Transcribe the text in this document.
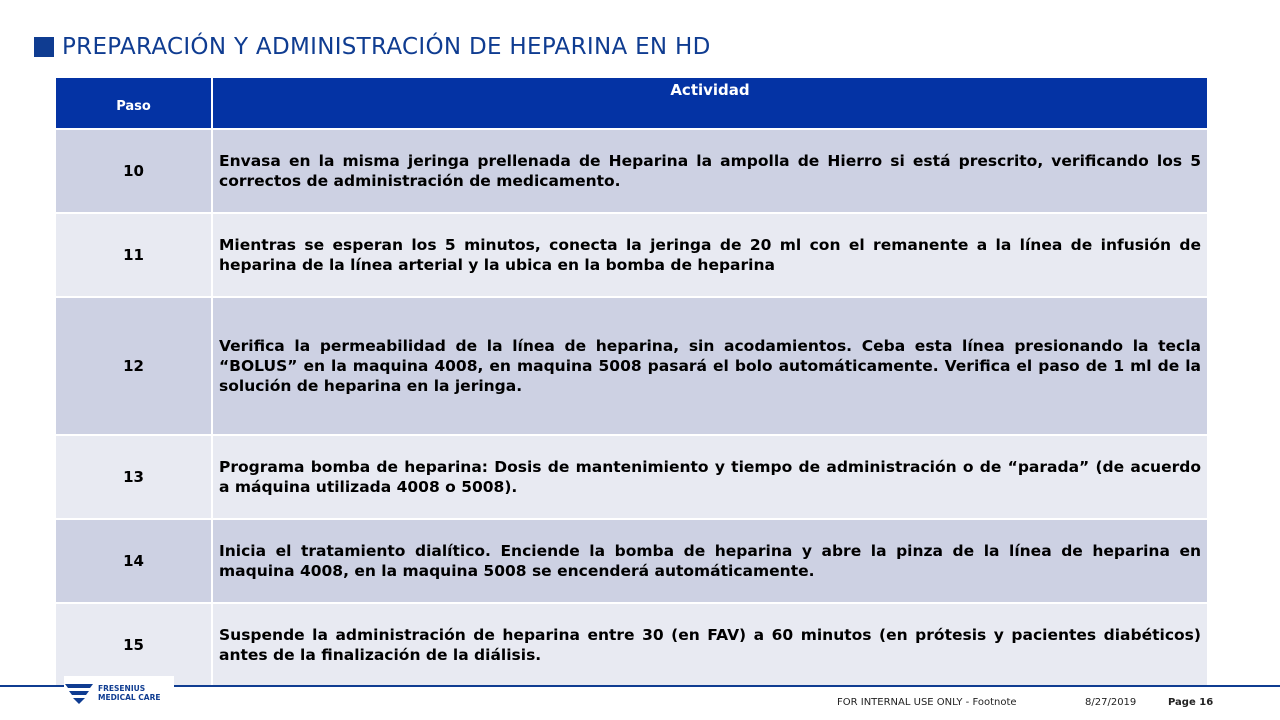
PREPARACIÓN Y ADMINISTRACIÓN DE HEPARINA EN HD
Paso	Actividad
10	Envasa en la misma jeringa prellenada de Heparina la ampolla de Hierro si está prescrito, verificando los 5 correctos de administración de medicamento.
11	Mientras se esperan los 5 minutos, conecta la jeringa de 20 ml con el remanente a la línea de infusión de heparina de la línea arterial y la ubica en la bomba de heparina
12	Verifica la permeabilidad de la línea de heparina, sin acodamientos. Ceba esta línea presionando la tecla “BOLUS” en la maquina 4008, en maquina 5008 pasará el bolo automáticamente. Verifica el paso de 1 ml de la solución de heparina en la jeringa.
13	Programa bomba de heparina: Dosis de mantenimiento y tiempo de administración o de “parada” (de acuerdo a máquina utilizada 4008 o 5008).
14	Inicia el tratamiento dialítico. Enciende la bomba de heparina y abre la pinza de la línea de heparina en maquina 4008, en la maquina 5008 se encenderá automáticamente.
15	Suspende la administración de heparina entre 30 (en FAV) a 60 minutos (en prótesis y pacientes diabéticos) antes de la finalización de la diálisis.
FRESENIUS
MEDICAL CARE	FOR INTERNAL USE ONLY - Footnote	8/27/2019	Page 16
